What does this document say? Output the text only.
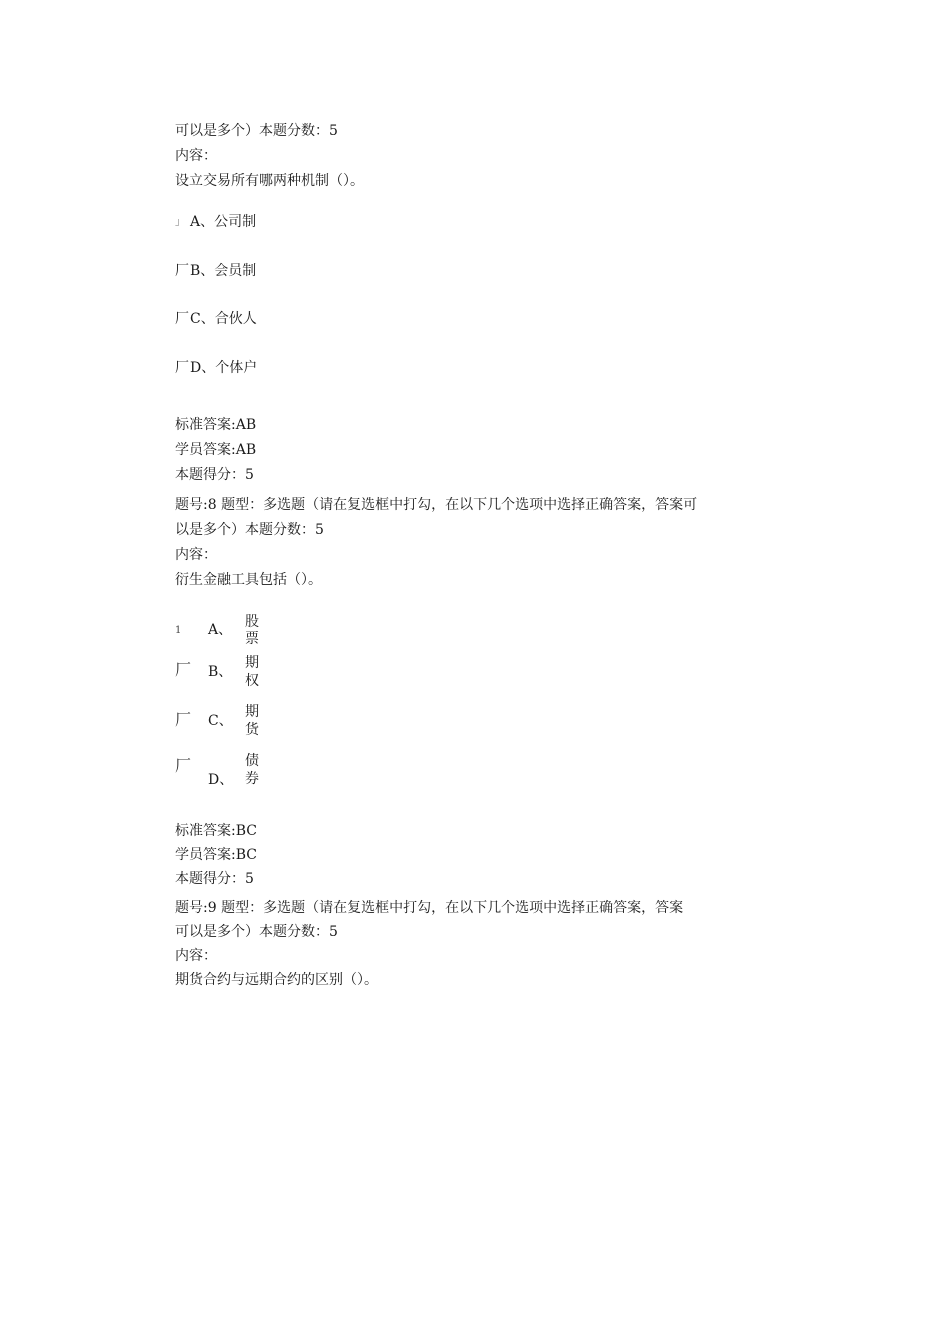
可以是多个）本题分数：5
内容：
设立交易所有哪两种机制（）。
」 A、公司制
厂 B、会员制
厂 C、合伙人
厂 D、个体户
标准答案:AB
学员答案:AB
本题得分：5
题号:8 题型：多选题（请在复选框中打勾，在以下几个选项中选择正确答案，答案可
以是多个）本题分数：5
内容：
衍生金融工具包括（）。
1 A、 股
票
厂 B、
期
权
厂 C、
期
货
厂
D、
债
券
标准答案:BC
学员答案:BC
本题得分：5
题号:9 题型：多选题（请在复选框中打勾，在以下几个选项中选择正确答案，答案
可以是多个）本题分数：5
内容：
期货合约与远期合约的区别（）。
